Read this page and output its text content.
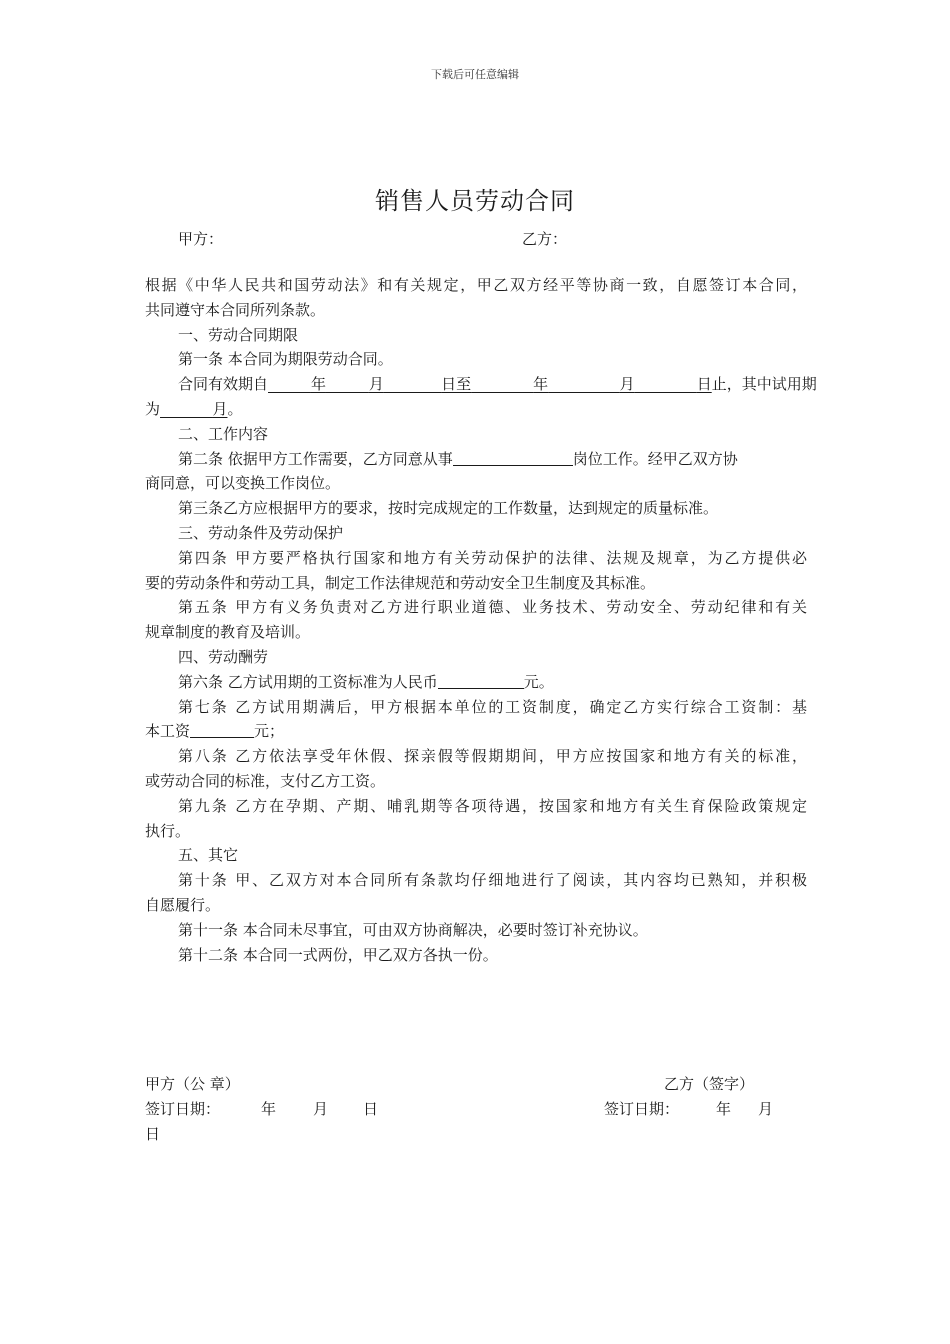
下载后可任意编辑
销售人员劳动合同
甲方：	乙方：

根据《中华人民共和国劳动法》和有关规定，甲乙双方经平等协商一致，自愿签订本合同，

共同遵守本合同所列条款。

一、劳动合同期限

第一条 本合同为期限劳动合同。

合同有效期自	年	月	日至	年	月	日止，其中试用期

为	月。

二、工作内容

第二条 依据甲方工作需要，乙方同意从事	岗位工作。经甲乙双方协

商同意，可以变换工作岗位。

第三条乙方应根据甲方的要求，按时完成规定的工作数量，达到规定的质量标准。

三、劳动条件及劳动保护

第四条 甲方要严格执行国家和地方有关劳动保护的法律、法规及规章，为乙方提供必

要的劳动条件和劳动工具，制定工作法律规范和劳动安全卫生制度及其标准。

第五条 甲方有义务负责对乙方进行职业道德、业务技术、劳动安全、劳动纪律和有关

规章制度的教育及培训。

四、劳动酬劳

第六条 乙方试用期的工资标准为人民币	元。

第七条 乙方试用期满后，甲方根据本单位的工资制度，确定乙方实行综合工资制：基

本工资	元；

第八条 乙方依法享受年休假、探亲假等假期期间，甲方应按国家和地方有关的标准，

或劳动合同的标准，支付乙方工资。

第九条 乙方在孕期、产期、哺乳期等各项待遇，按国家和地方有关生育保险政策规定

执行。

五、其它

第十条 甲、乙双方对本合同所有条款均仔细地进行了阅读，其内容均已熟知，并积极

自愿履行。

第十一条 本合同未尽事宜，可由双方协商解决，必要时签订补充协议。

第十二条 本合同一式两份，甲乙双方各执一份。

甲方（公 章）	乙方（签字）
签订日期：	年 月 日	签订日期： 年 月
日
